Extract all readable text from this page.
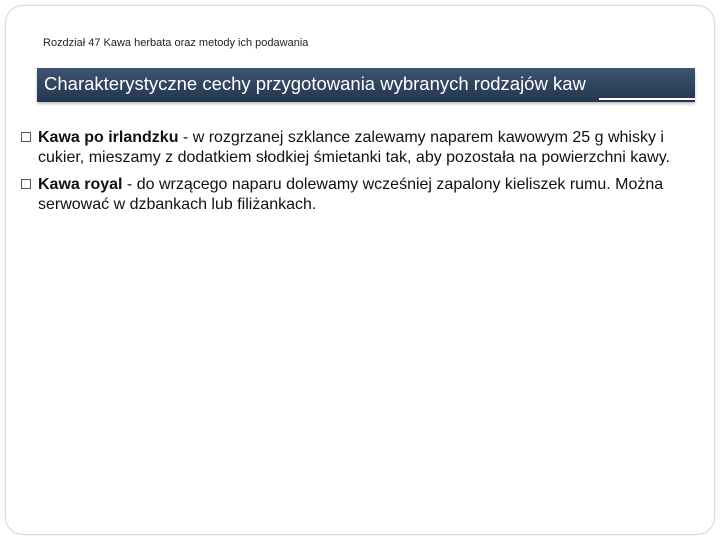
Rozdział 47 Kawa herbata oraz metody ich podawania
Charakterystyczne cechy przygotowania wybranych rodzajów kaw
Kawa po irlandzku - w rozgrzanej szklance zalewamy naparem kawowym 25 g whisky i cukier, mieszamy z dodatkiem słodkiej śmietanki tak, aby pozostała na powierzchni kawy.
Kawa royal - do wrzącego naparu dolewamy wcześniej zapalony kieliszek rumu. Można serwować w dzbankach lub filiżankach.
